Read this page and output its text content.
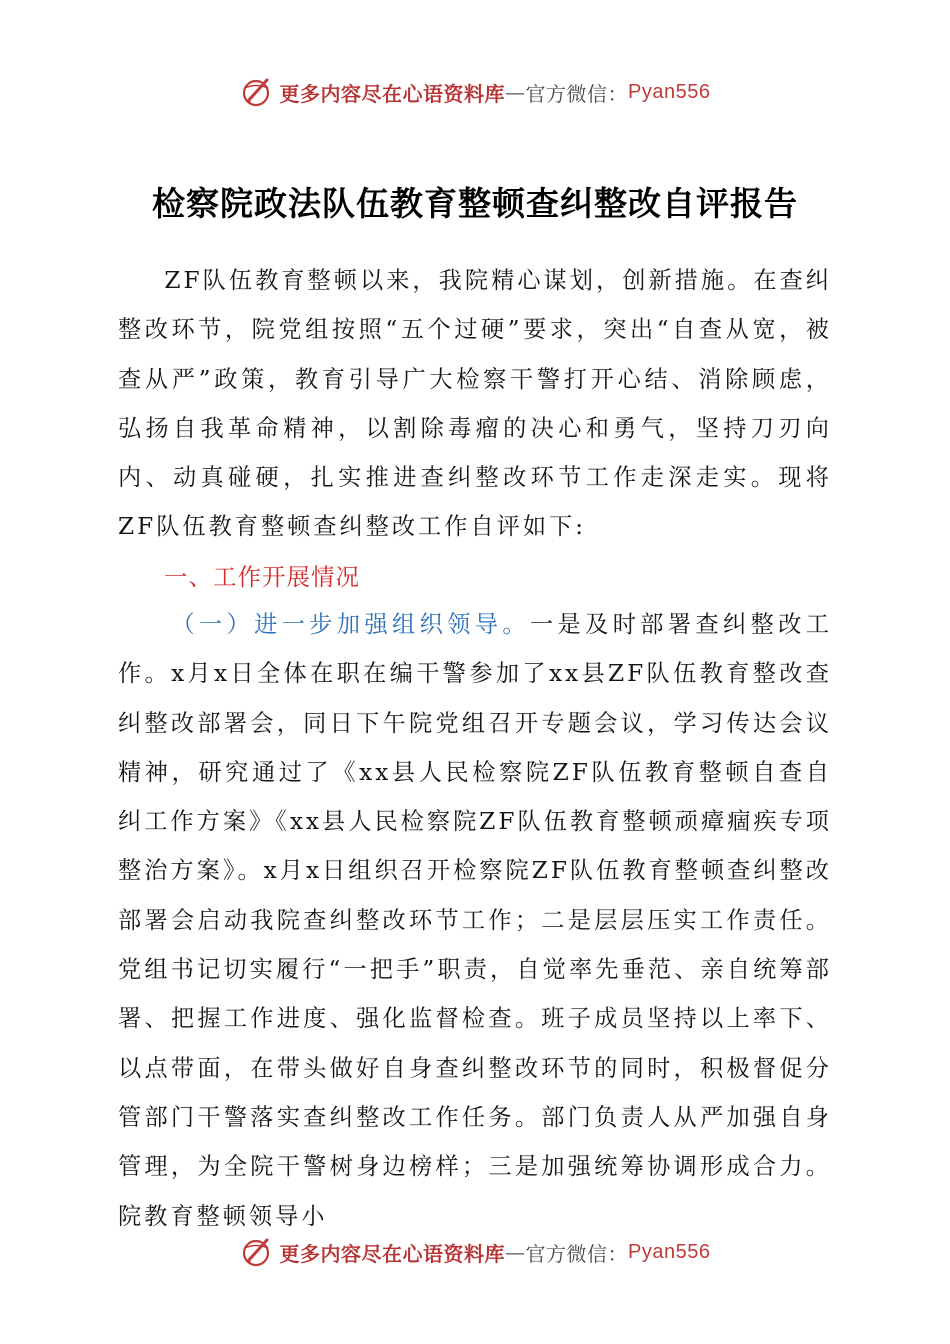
更多内容尽在心语资料库 — 官方微信： Pyan556
检察院政法队伍教育整顿查纠整改自评报告
ZF队伍教育整顿以来，我院精心谋划，创新措施。在查纠整改环节，院党组按照“五个过硬”要求，突出“自查从宽，被查从严”政策，教育引导广大检察干警打开心结、消除顾虑，弘扬自我革命精神，以割除毒瘤的决心和勇气，坚持刀刃向内、动真碰硬，扎实推进查纠整改环节工作走深走实。现将ZF队伍教育整顿查纠整改工作自评如下:
一、工作开展情况
（一）进一步加强组织领导。一是及时部署查纠整改工作。x月x日全体在职在编干警参加了xx县ZF队伍教育整改查纠整改部署会，同日下午院党组召开专题会议，学习传达会议精神，研究通过了《xx县人民检察院ZF队伍教育整顿自查自纠工作方案》《xx县人民检察院ZF队伍教育整顿顽瘴痼疾专项整治方案》。x月x日组织召开检察院ZF队伍教育整顿查纠整改部署会启动我院查纠整改环节工作；二是层层压实工作责任。党组书记切实履行“一把手”职责，自觉率先垂范、亲自统筹部署、把握工作进度、强化监督检查。班子成员坚持以上率下、以点带面，在带头做好自身查纠整改环节的同时，积极督促分管部门干警落实查纠整改工作任务。部门负责人从严加强自身管理，为全院干警树身边榜样；三是加强统筹协调形成合力。院教育整顿领导小
更多内容尽在心语资料库 — 官方微信： Pyan556
